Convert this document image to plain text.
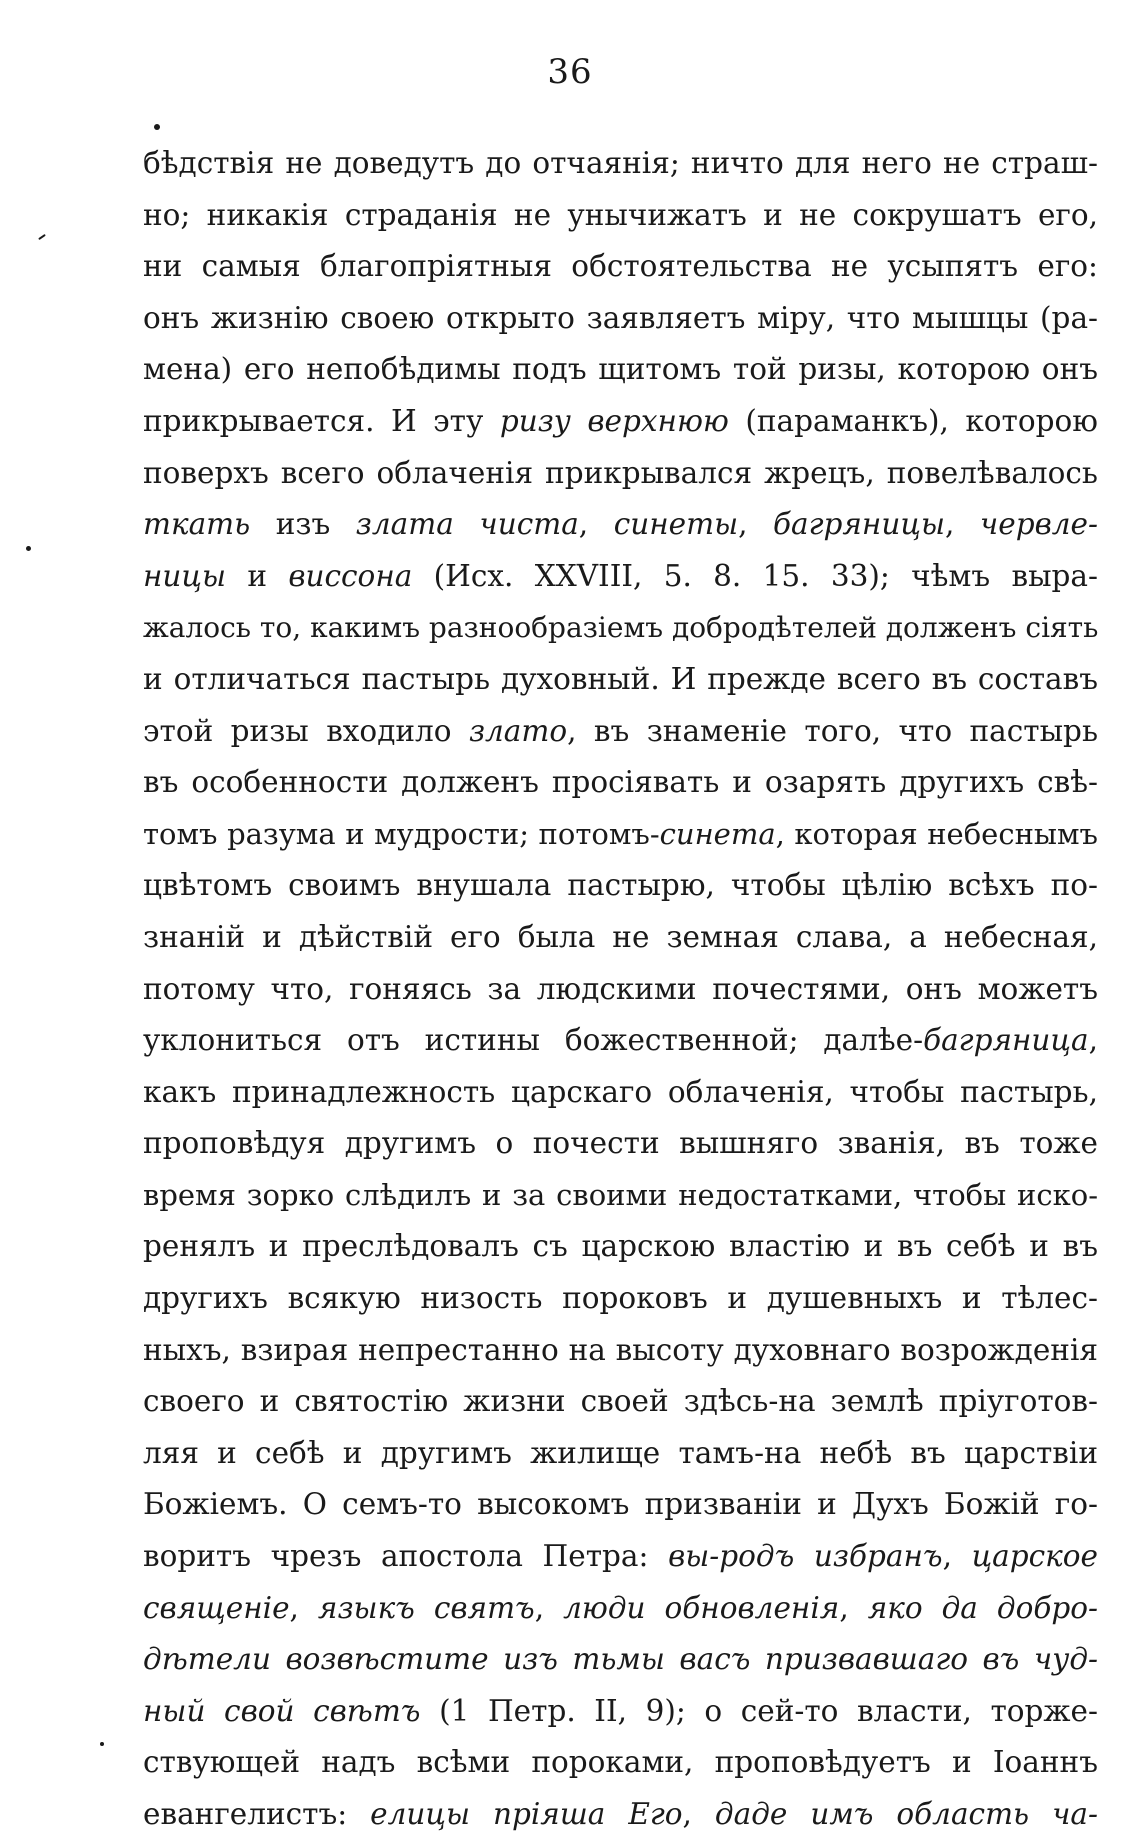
36
бѣдствія не доведутъ до отчаянія; ничто для него не страш-
но; никакія страданія не унычижатъ и не сокрушатъ его,
ни самыя благопріятныя обстоятельства не усыпятъ его:
онъ жизнію своею открыто заявляетъ міру, что мышцы (ра-
мена) его непобѣдимы подъ щитомъ той ризы, которою онъ
прикрывается. И эту ризу верхнюю (параманкъ), которою
поверхъ всего облаченія прикрывался жрецъ, повелѣвалось
ткать изъ злата чиста, синеты, багряницы, червле-
ницы и виссона (Исх. XXVIII, 5. 8. 15. 33); чѣмъ выра-
жалось то, какимъ разнообразіемъ добродѣтелей долженъ сіять
и отличаться пастырь духовный. И прежде всего въ составъ
этой ризы входило злато, въ знаменіе того, что пастырь
въ особенности долженъ просіявать и озарять другихъ свѣ-
томъ разума и мудрости; потомъ-синета, которая небеснымъ
цвѣтомъ своимъ внушала пастырю, чтобы цѣлію всѣхъ по-
знаній и дѣйствій его была не земная слава, а небесная,
потому что, гоняясь за людскими почестями, онъ можетъ
уклониться отъ истины божественной; далѣе-багряница,
какъ принадлежность царскаго облаченія, чтобы пастырь,
проповѣдуя другимъ о почести вышняго званія, въ тоже
время зорко слѣдилъ и за своими недостатками, чтобы иско-
ренялъ и преслѣдовалъ съ царскою властію и въ себѣ и въ
другихъ всякую низость пороковъ и душевныхъ и тѣлес-
ныхъ, взирая непрестанно на высоту духовнаго возрожденія
своего и святостію жизни своей здѣсь-на землѣ пріуготов-
ляя и себѣ и другимъ жилище тамъ-на небѣ въ царствіи
Божіемъ. О семъ-то высокомъ призваніи и Духъ Божій го-
воритъ чрезъ апостола Петра: вы-родъ избранъ, царское
священіе, языкъ святъ, люди обновленія, яко да добро-
дѣтели возвѣстите изъ тьмы васъ призвавшаго въ чуд-
ный свой свѣтъ (1 Петр. II, 9); о сей-то власти, торже-
ствующей надъ всѣми пороками, проповѣдуетъ и Іоаннъ
евангелистъ: елицы пріяша Его, даде имъ область ча-
